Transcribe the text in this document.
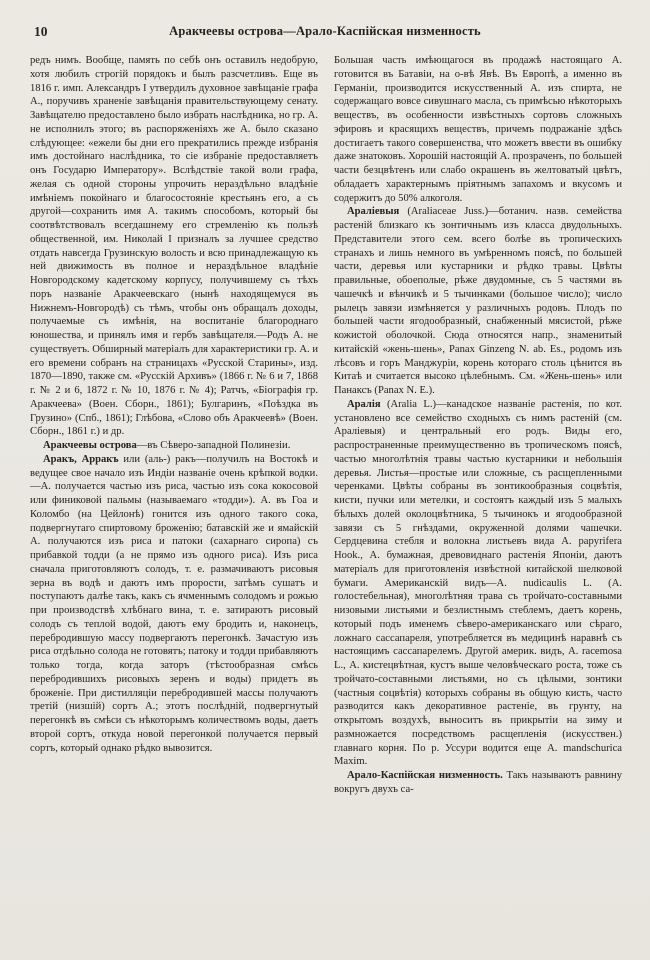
10	Аракчеевы острова—Арало-Каспійская низменность

редъ нимъ. Вообще, память по себѣ онъ оставилъ недобрую, хотя любилъ строгій порядокъ и былъ разсчетливъ. Еще въ 1816 г. имп. Александръ I утвердилъ духовное завѣщаніе графа А., поручивъ храненіе завѣщанія правительствующему сенату. Завѣщателю предоставлено было избрать наслѣдника, но гр. А. не исполнилъ этого; въ распоряженіяхъ же А. было сказано слѣдующее: «ежели бы дни его прекратились прежде избранія имъ достойнаго наслѣдника, то сіе избраніе предоставляетъ онъ Государю Императору». Вслѣдствіе такой воли графа, желая съ одной стороны упрочить нераздѣльно владѣніе имѣніемъ покойнаго и благосостояніе крестьянъ его, а съ другой—сохранить имя А. такимъ способомъ, который бы соотвѣтствовалъ всегдашнему его стремленію къ пользѣ общественной, им. Николай I призналъ за лучшее средство отдать навсегда Грузинскую волость и всю принадлежащую къ ней движимость въ полное и нераздѣльное владѣніе Новгородскому кадетскому корпусу, получившему съ тѣхъ поръ названіе Аракчеевскаго (нынѣ находящемуся въ Нижнемъ-Новгородѣ) съ тѣмъ, чтобы онъ обращалъ доходы, получаемые съ имѣнія, на воспитаніе благороднаго юношества, и принялъ имя и гербъ завѣщателя.—Родъ А. не существуетъ. Обширный матеріалъ для характеристики гр. А. и его времени собранъ на страницахъ «Русской Старины», изд. 1870—1890, также см. «Русскій Архивъ» (1866 г. № 6 и 7, 1868 г. № 2 и 6, 1872 г. № 10, 1876 г. № 4); Ратчъ, «Біографія гр. Аракчеева» (Воен. Сборн., 1861); Булгаринъ, «Поѣздка въ Грузино» (Спб., 1861); Глѣбова, «Слово объ Аракчеевѣ» (Воен. Сборн., 1861 г.) и др.

Аракчеевы острова—въ Сѣверо-западной Полинезіи.

Аракъ, Арракъ или (аль-) ракъ—получилъ на Востокѣ и ведущее свое начало изъ Индіи названіе очень крѣпкой водки.—А. получается частью изъ риса, частью изъ сока кокосовой или финиковой пальмы (называемаго «тодди»). А. въ Гоа и Коломбо (на Цейлонѣ) гонится изъ одного такого сока, подвергнутаго спиртовому броженію; батавскій же и ямайскій А. получаются изъ риса и патоки (сахарнаго сиропа) съ прибавкой тодди (а не прямо изъ одного риса). Изъ риса сначала приготовляютъ солодъ, т. е. размачиваютъ рисовыя зерна въ водѣ и даютъ имъ прорости, затѣмъ сушатъ и поступаютъ далѣе такъ, какъ съ ячменнымъ солодомъ и рожью при производствѣ хлѣбнаго вина, т. е. затираютъ рисовый солодъ съ теплой водой, даютъ ему бродить и, наконецъ, перебродившую массу подвергаютъ перегонкѣ. Зачастую изъ риса отдѣльно солода не готовятъ; патоку и тодди прибавляютъ только тогда, когда заторъ (тѣстообразная смѣсь перебродившихъ рисовыхъ зеренъ и воды) придетъ въ броженіе. При дистилляціи перебродившей массы получаютъ третій (низшій) сортъ А.; этотъ послѣдній, подвергнутый перегонкѣ въ смѣси съ нѣкоторымъ количествомъ воды, даетъ второй сортъ, откуда новой перегонкой получается первый сортъ, который однако рѣдко вывозится.

Большая часть имѣющагося въ продажѣ настоящаго А. готовится въ Батавіи, на о-вѣ Явѣ. Въ Европѣ, а именно въ Германіи, производится искусственный А. изъ спирта, не содержащаго вовсе сивушнаго масла, съ примѣсью нѣкоторыхъ веществъ, въ особенности извѣстныхъ сортовъ сложныхъ эфировъ и красящихъ веществъ, причемъ подражаніе здѣсь достигаетъ такого совершенства, что можетъ ввести въ ошибку даже знатоковъ. Хорошій настоящій А. прозраченъ, по большей части безцвѣтенъ или слабо окрашенъ въ желтоватый цвѣтъ, обладаетъ характернымъ пріятнымъ запахомъ и вкусомъ и содержитъ до 50% алкоголя.

Араліевыя (Araliaceae Juss.)—ботанич. назв. семейства растеній близкаго къ зонтичнымъ изъ класса двудольныхъ. Представители этого сем. всего болѣе въ тропическихъ странахъ и лишь немного въ умѣренномъ поясѣ, по большей части, деревья или кустарники и рѣдко травы. Цвѣты правильные, обоеполые, рѣже двудомные, съ 5 частями въ чашечкѣ и вѣнчикѣ и 5 тычинками (большое число); число рылецъ завязи измѣняется у различныхъ родовъ. Плодъ по большей части ягодообразный, снабженный мясистой, рѣже кожистой оболочкой. Сюда относятся напр., знаменитый китайскій «жень-шень», Panax Ginzeng N. ab. Es., родомъ изъ лѣсовъ и горъ Манджуріи, корень котораго столь цѣнится въ Китаѣ и считается высоко цѣлебнымъ. См. «Жень-шень» или Панаксъ (Panax N. E.).

Аралія (Aralia L.)—канадское названіе растенія, по кот. установлено все семейство сходныхъ съ нимъ растеній (см. Араліевыя) и центральный его родъ. Виды его, распространенные преимущественно въ тропическомъ поясѣ, частью многолѣтнія травы частью кустарники и небольшія деревья. Листья—простые или сложные, съ расщепленными черенками. Цвѣты собраны въ зонтикообразныя соцвѣтія, кисти, пучки или метелки, и состоятъ каждый изъ 5 малыхъ бѣлыхъ долей околоцвѣтника, 5 тычинокъ и ягодообразной завязи съ 5 гнѣздами, окруженной долями чашечки. Сердцевина стебля и волокна листьевъ вида A. papyrifera Hook., А. бумажная, древовиднаго растенія Японіи, даютъ матеріалъ для приготовленія извѣстной китайской шелковой бумаги. Американскій видъ—A. nudicaulis L. (А. голостебельная), многолѣтняя трава съ тройчато-составными низовыми листьями и безлистнымъ стеблемъ, даетъ корень, который подъ именемъ сѣверо-американскаго или сѣраго, ложнаго сассапареля, употребляется въ медицинѣ наравнѣ съ настоящимъ сассапарелемъ. Другой америк. видъ, A. racemosa L., А. кистецвѣтная, кустъ выше человѣческаго роста, тоже съ тройчато-составными листьями, но съ цѣлыми, зонтики (частныя соцвѣтія) которыхъ собраны въ общую кисть, часто разводится какъ декоративное растеніе, въ грунту, на открытомъ воздухѣ, выноситъ въ прикрытіи на зиму и размножается посредствомъ расщепленія (искусствен.) главнаго корня. По р. Уссури водится еще A. mandschurica Maxim.

Арало-Каспійская низменность. Такъ называютъ равнину вокругъ двухъ са-
